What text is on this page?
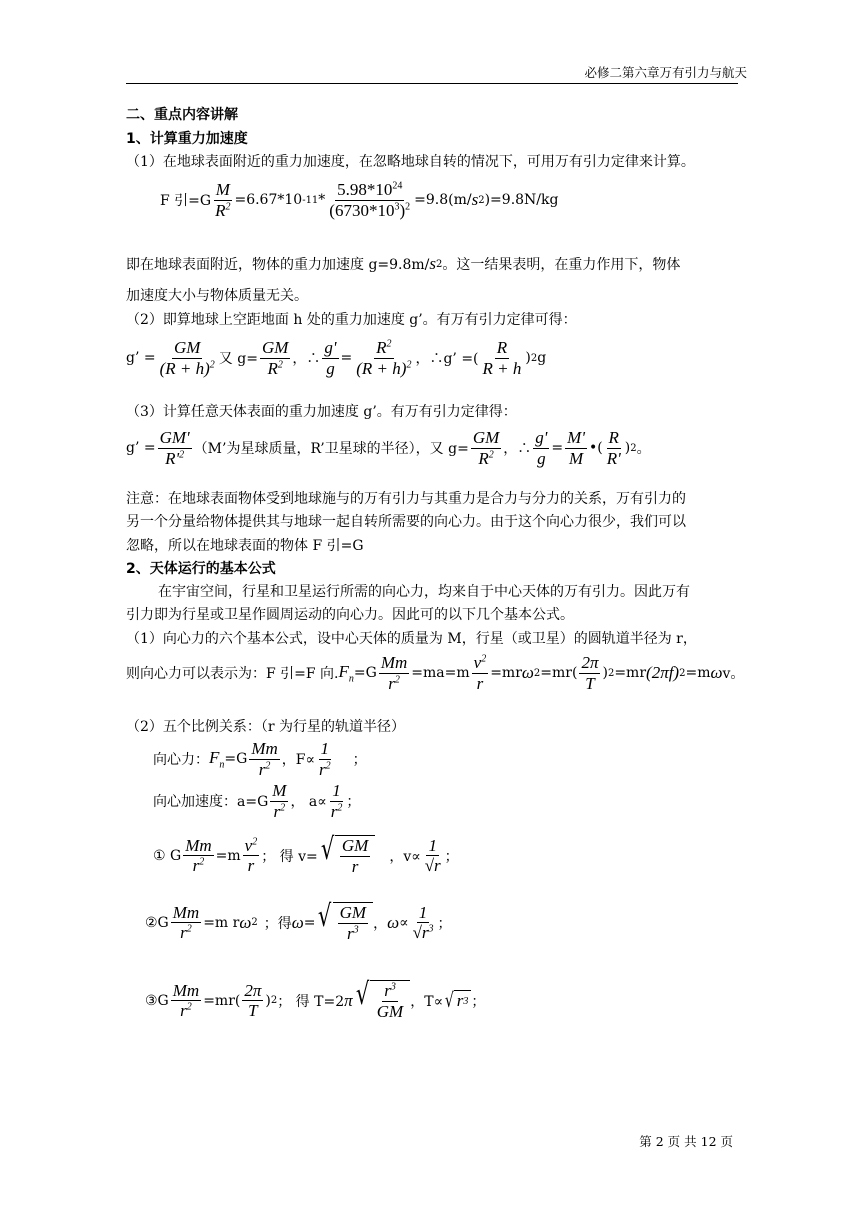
必修二第六章万有引力与航天
二、重点内容讲解
1、计算重力加速度
（1）在地球表面附近的重力加速度，在忽略地球自转的情况下，可用万有引力定律来计算。
F 引$=G \frac{M}{R^2} =6.67*10$ $-11 * \frac{5.98*10^{24}}{(6730*10^3)^2} =9.8(m/$ s 2 )=9.8N/kg
即在地球表面附近，物体的重力加速度 g=9.8m/ s 2 。这一结果表明，在重力作用下，物体
加速度大小与物体质量无关。
（2）即算地球上空距地面 h 处的重力加速度 g’。有万有引力定律可得：
g’ = $\frac{GM}{(R + h)^2}$ 又 $g= \frac{GM}{R^2}$ ，∴ $\frac{g'}{g} = \frac{R^2}{(R + h)^2}$ ，∴g’ =( $\frac{R}{R + h}$ ) 2 g
（3）计算任意天体表面的重力加速度 g’。有万有引力定律得：
g’ = $\frac{GM'}{R'^2} (M$’为星球质量，R’卫星球的半径），又 $g= \frac{GM}{R^2}$ ，∴ $\frac{g'}{g} = \frac{M'}{M}$ •( $\frac{R}{R'}$ ) 2 。
注意：在地球表面物体受到地球施与的万有引力与其重力是合力与分力的关系，万有引力的
另一个分量给物体提供其与地球一起自转所需要的向心力。由于这个向心力很少，我们可以
忽略，所以在地球表面的物体 F 引=G
2、天体运行的基本公式
在宇宙空间，行星和卫星运行所需的向心力，均来自于中心天体的万有引力。因此万有
引力即为行星或卫星作圆周运动的向心力。因此可的以下几个基本公式。
（1）向心力的六个基本公式，设中心天体的质量为 M，行星（或卫星）的圆轨道半径为 r，
则向心力可以表示为：F 引=F 向. $F_n =G \frac{Mm}{r^2} =ma=m \frac{v^2}{r} =mr$ ω $2 =mr( \frac{2\pi}{T}$ ) 2 =mr (2πf) 2 =m ω v。
（2）五个比例关系：（r 为行星的轨道半径）
向心力： $F_n =G \frac{Mm}{r^2}$ ，$F\propto \frac{1}{r^2}$ ；
向心加速度：$a=G \frac{M}{r^2}$ ， $a\propto \frac{1}{r^2}$ ；
① G $\frac{Mm}{r^2} =m \frac{v^2}{r}$ ； 得 v= √ $\frac{GM}{r}$ ，$v\propto \frac{1}{√r}$ ；
②G $\frac{Mm}{r^2} =m$ r ω 2 ；得 ω = √ $\frac{GM}{r^3}$ ， $\omega \propto \frac{1}{√r^3}$ ；
③G $\frac{Mm}{r^2} =mr( \frac{2\pi}{T}$ ) 2 ； 得 T=2 π √ $\frac{r^3}{GM}$ ，T∝ √ r 3 ；
第 2 页 共 12 页
